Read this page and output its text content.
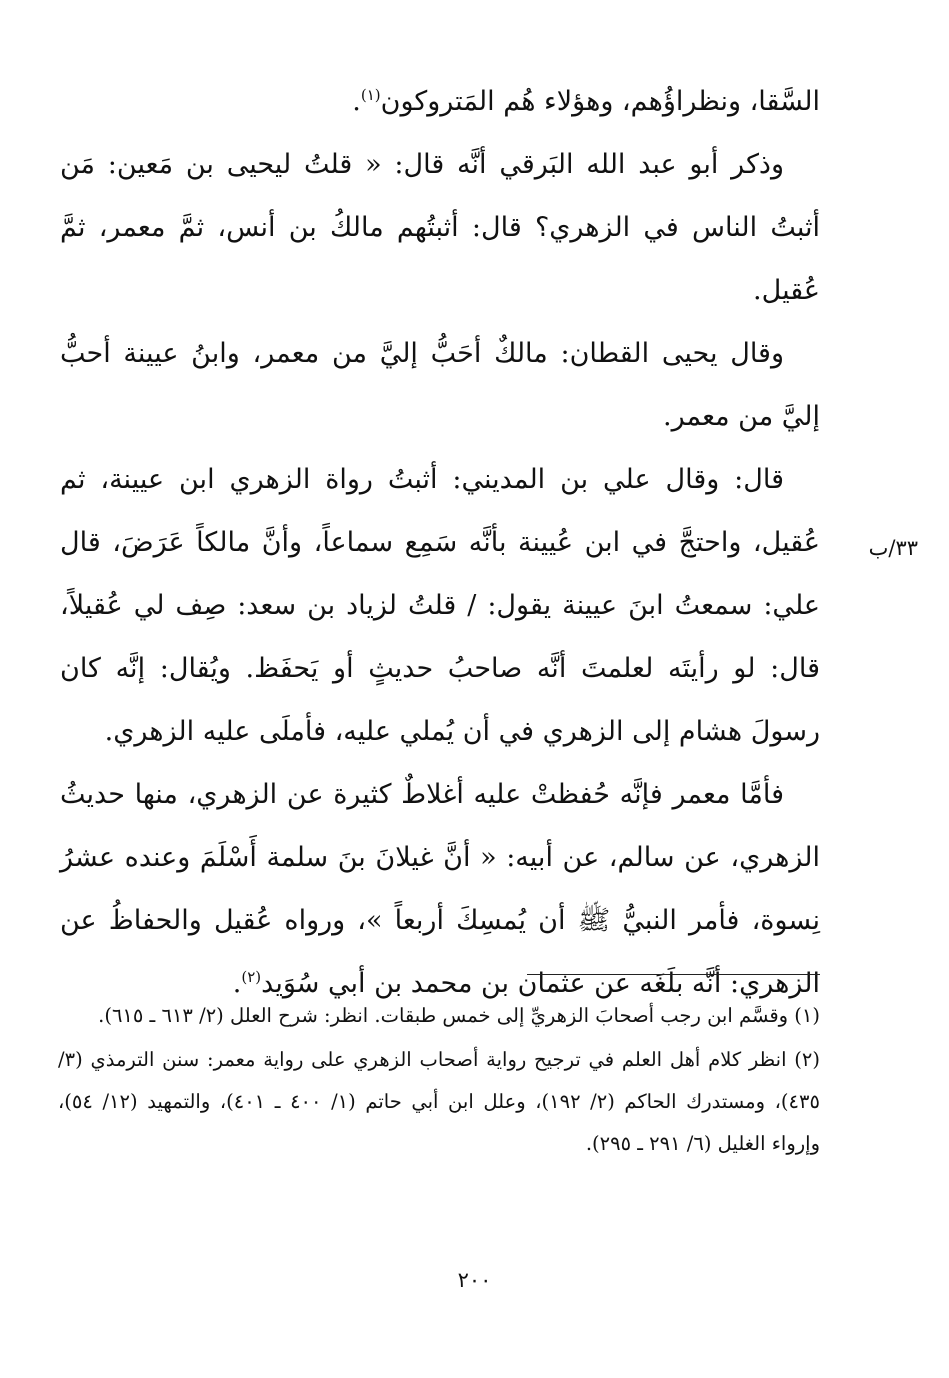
السَّقا، ونظراؤُهم، وهؤلاء هُم المَتروكون$^{(١)}$.

وذكر أبو عبد الله البَرقي أنَّه قال: « قلتُ ليحيى بن مَعين: مَن أثبتُ الناس في الزهري؟ قال: أثبتُهم مالكُ بن أنس، ثمَّ معمر، ثمَّ عُقيل.

وقال يحيى القطان: مالكٌ أحَبُّ إليَّ من معمر، وابنُ عيينة أحبُّ إليَّ من معمر.

قال: وقال علي بن المديني: أثبتُ رواة الزهري ابن عيينة، ثم عُقيل، واحتجَّ في ابن عُيينة بأنَّه سَمِع سماعاً، وأنَّ مالكاً عَرَضَ، قال علي: سمعتُ ابنَ عيينة يقول: / قلتُ لزياد بن سعد: صِف لي عُقيلاً، قال: لو رأيتَه لعلمتَ أنَّه صاحبُ حديثٍ أو يَحفَظ. ويُقال: إنَّه كان رسولَ هشام إلى الزهري في أن يُملي عليه، فأملَى عليه الزهري.

فأمَّا معمر فإنَّه حُفظتْ عليه أغلاطٌ كثيرة عن الزهري، منها حديثُ الزهري، عن سالم، عن أبيه: « أنَّ غيلانَ بنَ سلمة أَسْلَمَ وعنده عشرُ نِسوة، فأمر النبيُّ ﷺ أن يُمسِكَ أربعاً »، ورواه عُقيل والحفاظُ عن الزهري: أنَّه بلَغَه عن عثمان بن محمد بن أبي سُوَيد$^{(٢)}$.

٣٣/ب

(١) وقسَّم ابن رجب أصحابَ الزهريِّ إلى خمس طبقات. انظر: شرح العلل (٢/ ٦١٣ ـ ٦١٥).

(٢) انظر كلام أهل العلم في ترجيح رواية أصحاب الزهري على رواية معمر: سنن الترمذي (٣/ ٤٣٥)، ومستدرك الحاكم (٢/ ١٩٢)، وعلل ابن أبي حاتم (١/ ٤٠٠ ـ ٤٠١)، والتمهيد (١٢/ ٥٤)، وإرواء الغليل (٦/ ٢٩١ ـ ٢٩٥).

٢٠٠
